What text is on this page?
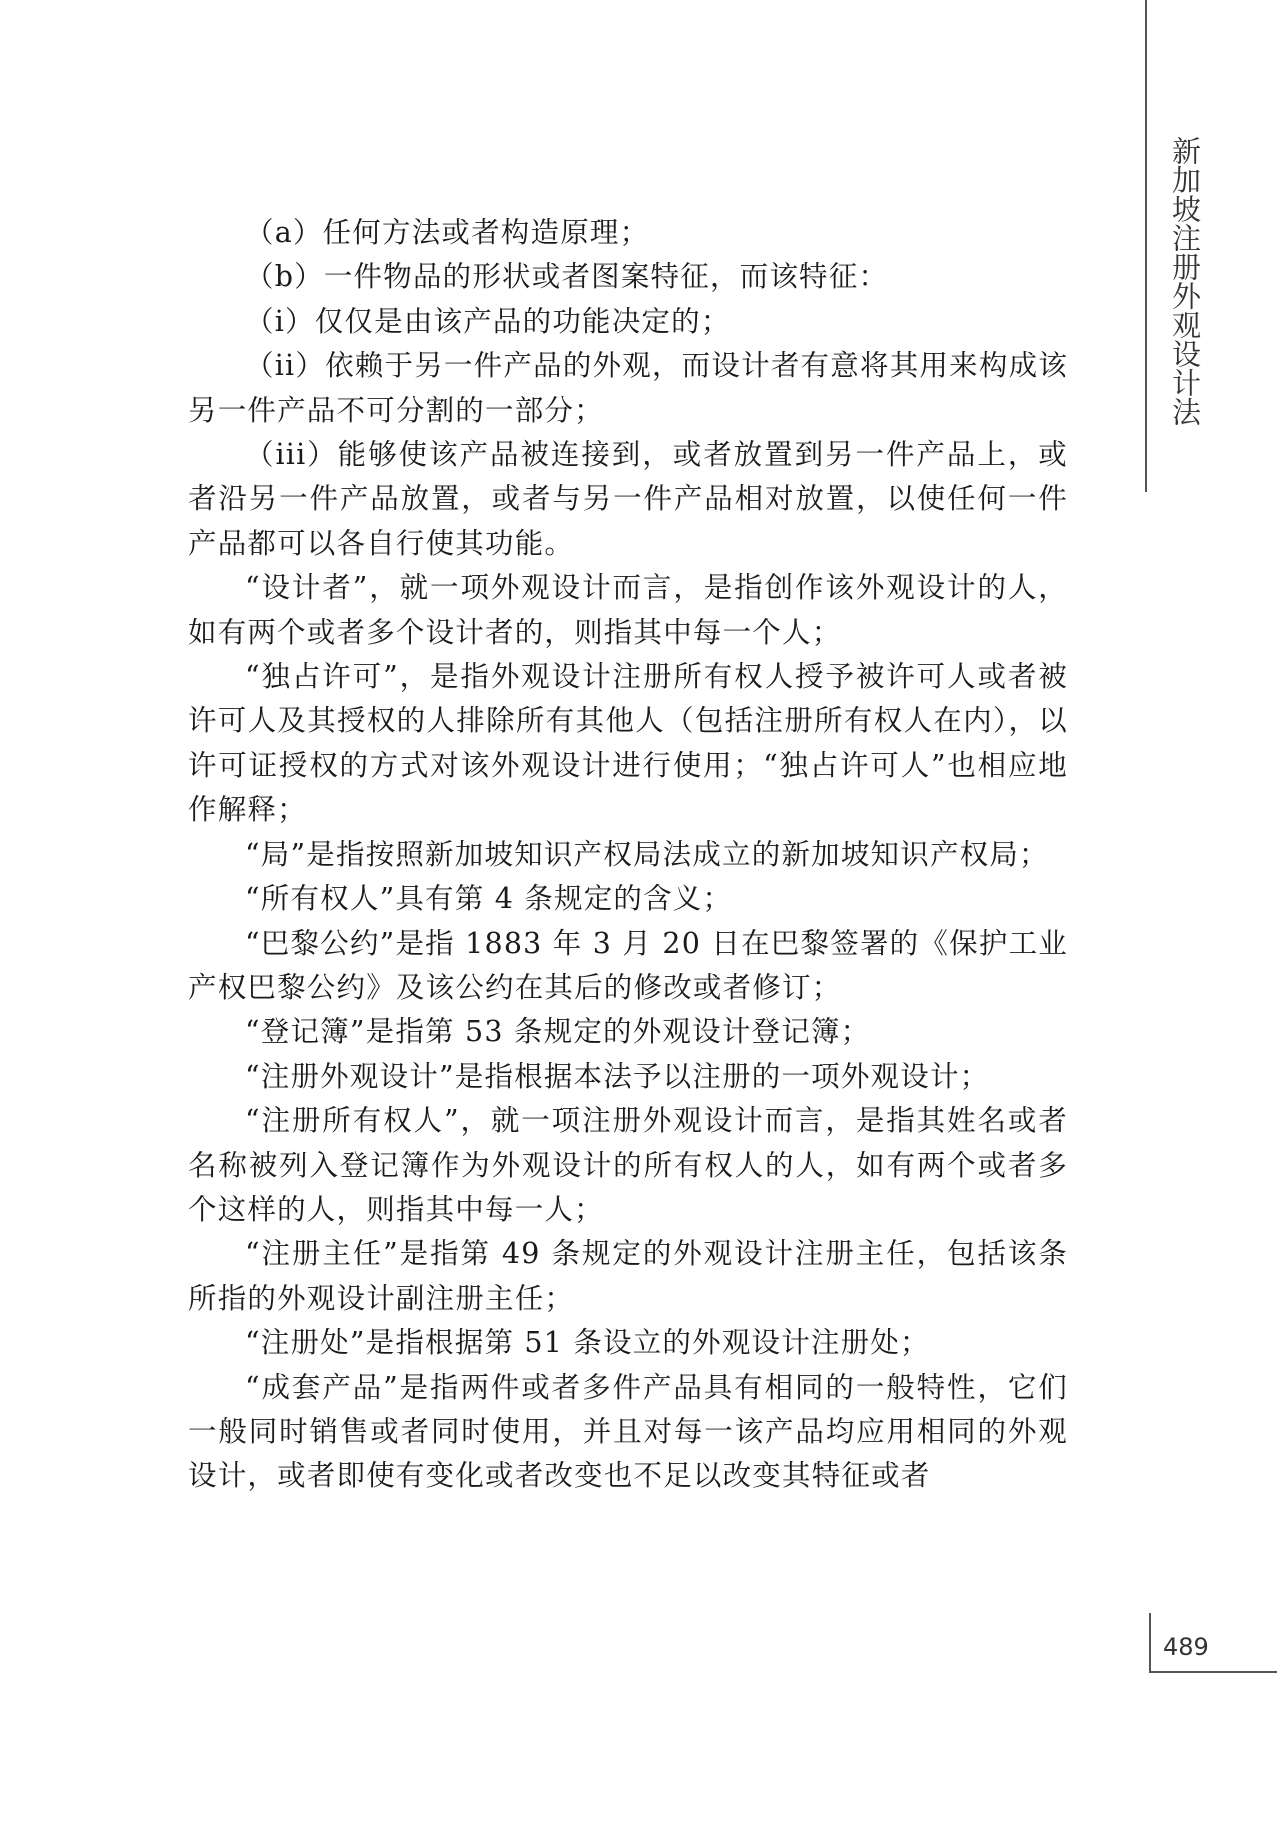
新加坡注册外观设计法

（a）任何方法或者构造原理；

（b）一件物品的形状或者图案特征，而该特征：

（i）仅仅是由该产品的功能决定的；

（ii）依赖于另一件产品的外观，而设计者有意将其用来构成该另一件产品不可分割的一部分；

（iii）能够使该产品被连接到，或者放置到另一件产品上，或者沿另一件产品放置，或者与另一件产品相对放置，以使任何一件产品都可以各自行使其功能。

“设计者”，就一项外观设计而言，是指创作该外观设计的人，如有两个或者多个设计者的，则指其中每一个人；

“独占许可”，是指外观设计注册所有权人授予被许可人或者被许可人及其授权的人排除所有其他人（包括注册所有权人在内），以许可证授权的方式对该外观设计进行使用；“独占许可人”也相应地作解释；

“局”是指按照新加坡知识产权局法成立的新加坡知识产权局；

“所有权人”具有第 4 条规定的含义；

“巴黎公约”是指 1883 年 3 月 20 日在巴黎签署的《保护工业产权巴黎公约》及该公约在其后的修改或者修订；

“登记簿”是指第 53 条规定的外观设计登记簿；

“注册外观设计”是指根据本法予以注册的一项外观设计；

“注册所有权人”，就一项注册外观设计而言，是指其姓名或者名称被列入登记簿作为外观设计的所有权人的人，如有两个或者多个这样的人，则指其中每一人；

“注册主任”是指第 49 条规定的外观设计注册主任，包括该条所指的外观设计副注册主任；

“注册处”是指根据第 51 条设立的外观设计注册处；

“成套产品”是指两件或者多件产品具有相同的一般特性，它们一般同时销售或者同时使用，并且对每一该产品均应用相同的外观设计，或者即使有变化或者改变也不足以改变其特征或者

489
